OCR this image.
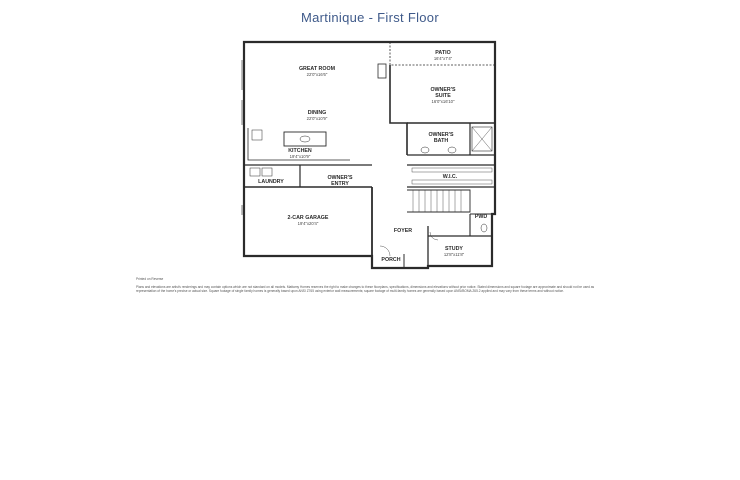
Martinique - First Floor
GREAT ROOM
22'0"x16'6"
PATIO
16'4"x7'4"
OWNER'S
SUITE
16'0"x16'10"
DINING
22'0"x10'9"
OWNER'S
BATH
KITCHEN
19'4"x10'9"
W.I.C.
LAUNDRY
OWNER'S
ENTRY
2-CAR GARAGE
19'4"x20'4"
PWD
FOYER
STUDY
12'8"x11'8"
PORCH
Printed on Reverse
Plans and elevations are artist's renderings and may contain options which are not standard on all models. Mattamy Homes reserves the right to make changes to these floorplans, specifications, dimensions and elevations without prior notice. Stated dimensions and square footage are approximate and should not be used as representation of the home's precise or actual size. Square footage of single family homes is generally based upon ANSI Z765 using exterior wall measurements; square footage of multi-family homes are generally based upon ANSI/BOMA Z65.2 applied and may vary from these terms and without notice.
